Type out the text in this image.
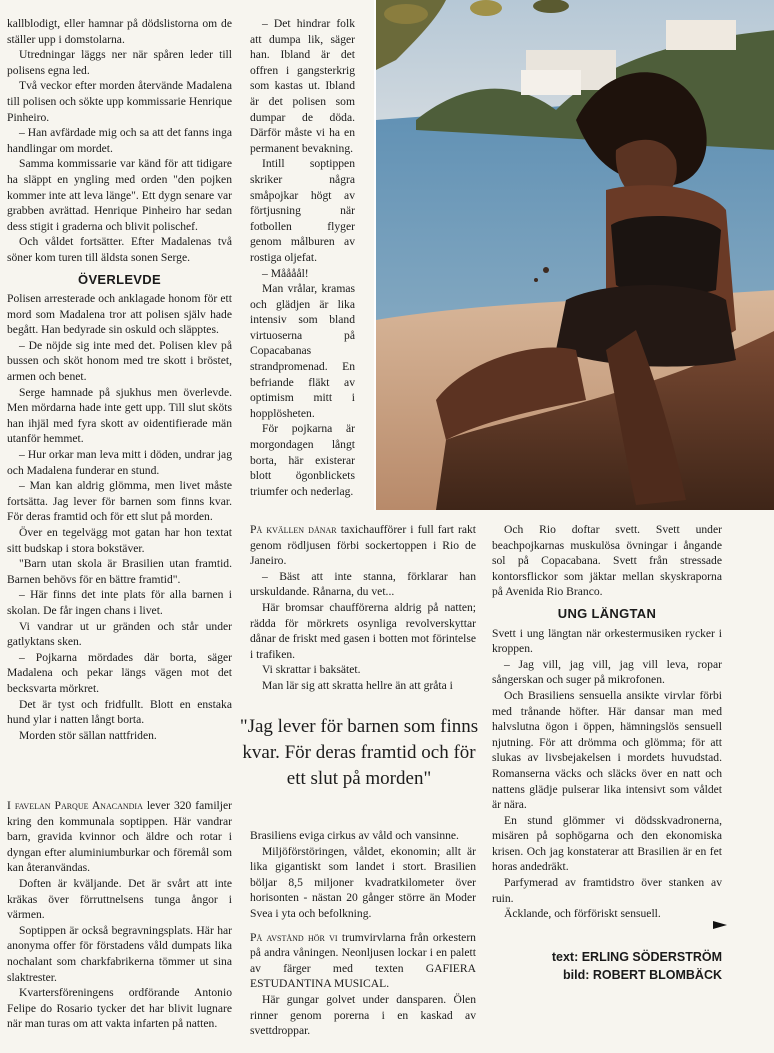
kallblodigt, eller hamnar på dödslistorna om de ställer upp i domstolarna.

Utredningar läggs ner när spåren leder till polisens egna led.

Två veckor efter morden återvände Madalena till polisen och sökte upp kommissarie Henrique Pinheiro.

– Han avfärdade mig och sa att det fanns inga handlingar om mordet.

Samma kommissarie var känd för att tidigare ha släppt en yngling med orden "den pojken kommer inte att leva länge". Ett dygn senare var grabben avrättad. Henrique Pinheiro har sedan dess stigit i graderna och blivit polischef.

Och våldet fortsätter. Efter Madalenas två söner kom turen till äldsta sonen Serge.

ÖVERLEVDE

Polisen arresterade och anklagade honom för ett mord som Madalena tror att polisen själv hade begått. Han bedyrade sin oskuld och släpptes.

– De nöjde sig inte med det. Polisen klev på bussen och sköt honom med tre skott i bröstet, armen och benet.

Serge hamnade på sjukhus men överlevde. Men mördarna hade inte gett upp. Till slut sköts han ihjäl med fyra skott av oidentifierade män utanför hemmet.

– Hur orkar man leva mitt i döden, undrar jag och Madalena funderar en stund.

– Man kan aldrig glömma, men livet måste fortsätta. Jag lever för barnen som finns kvar. För deras framtid och för ett slut på morden.

Över en tegelvägg mot gatan har hon textat sitt budskap i stora bokstäver.

"Barn utan skola är Brasilien utan framtid. Barnen behövs för en bättre framtid".

– Här finns det inte plats för alla barnen i skolan. De får ingen chans i livet.

Vi vandrar ut ur gränden och står under gatlyktans sken.

– Pojkarna mördades där borta, säger Madalena och pekar längs vägen mot det becksvarta mörkret.

Det är tyst och fridfullt. Blott en enstaka hund ylar i natten långt borta.

Morden stör sällan nattfriden.

I favelan Parque Anacandia lever 320 familjer kring den kommunala soptippen. Här vandrar barn, gravida kvinnor och äldre och rotar i dyngan efter aluminiumburkar och föremål som kan återanvändas.

Doften är kväljande. Det är svårt att inte kräkas över förruttnelsens tunga ångor i värmen.

Soptippen är också begravningsplats. Här har anonyma offer för förstadens våld dumpats lika nochalant som charkfabrikerna tömmer ut sina slaktrester.

Kvartersföreningens ordförande Antonio Felipe do Rosario tycker det har blivit lugnare när man turas om att vakta infarten på natten.

– Det hindrar folk att dumpa lik, säger han. Ibland är det offren i gangsterkrig som kastas ut. Ibland är det polisen som dumpar de döda. Därför måste vi ha en permanent bevakning.

Intill soptippen skriker några småpojkar högt av förtjusning när fotbollen flyger genom målburen av rostiga oljefat.

– Måååål!

Man vrålar, kramas och glädjen är lika intensiv som bland virtuoserna på Copacabanas strandpromenad. En befriande fläkt av optimism mitt i hopplösheten.

För pojkarna är morgondagen långt borta, här existerar blott ögonblickets triumfer och nederlag.

På kvällen dånar taxichaufförer i full fart rakt genom rödljusen förbi sockertoppen i Rio de Janeiro.

– Bäst att inte stanna, förklarar han urskuldande. Rånarna, du vet...

Här bromsar chaufförerna aldrig på natten; rädda för mörkrets osynliga revolverskyttar dånar de friskt med gasen i botten mot förintelse i trafiken.

Vi skrattar i baksätet.

Man lär sig att skratta hellre än att gråta i

"Jag lever för barnen som finns kvar. För deras framtid och för ett slut på morden"

Brasiliens eviga cirkus av våld och vansinne.

Miljöförstöringen, våldet, ekonomin; allt är lika gigantiskt som landet i stort. Brasilien böljar 8,5 miljoner kvadratkilometer över horisonten - nästan 20 gånger större än Moder Svea i yta och befolkning.

På avstånd hör vi trumvirvlarna från orkestern på andra våningen. Neonljusen lockar i en palett av färger med texten GAFIERA ESTUDANTINA MUSICAL.

Här gungar golvet under dansparen. Ölen rinner genom porerna i en kaskad av svettdroppar.

Och Rio doftar svett. Svett under beachpojkarnas muskulösa övningar i ångande sol på Copacabana. Svett från stressade kontorsflickor som jäktar mellan skyskraporna på Avenida Rio Branco.

UNG LÄNGTAN

Svett i ung längtan när orkestermusiken rycker i kroppen.

– Jag vill, jag vill, jag vill leva, ropar sångerskan och suger på mikrofonen.

Och Brasiliens sensuella ansikte virvlar förbi med trånande höfter. Här dansar man med halvslutna ögon i öppen, hämningslös sensuell njutning. För att drömma och glömma; för att slukas av livsbejakelsen i mordets huvudstad. Romanserna väcks och släcks över en natt och nattens glädje pulserar lika intensivt som våldet är nära.

En stund glömmer vi dödsskvadronerna, misären på sophögarna och den ekonomiska krisen. Och jag konstaterar att Brasilien är en fet horas andedräkt.

Parfymerad av framtidstro över stanken av ruin.

Äcklande, och förföriskt sensuell.

text: ERLING SÖDERSTRÖM
bild: ROBERT BLOMBÄCK
